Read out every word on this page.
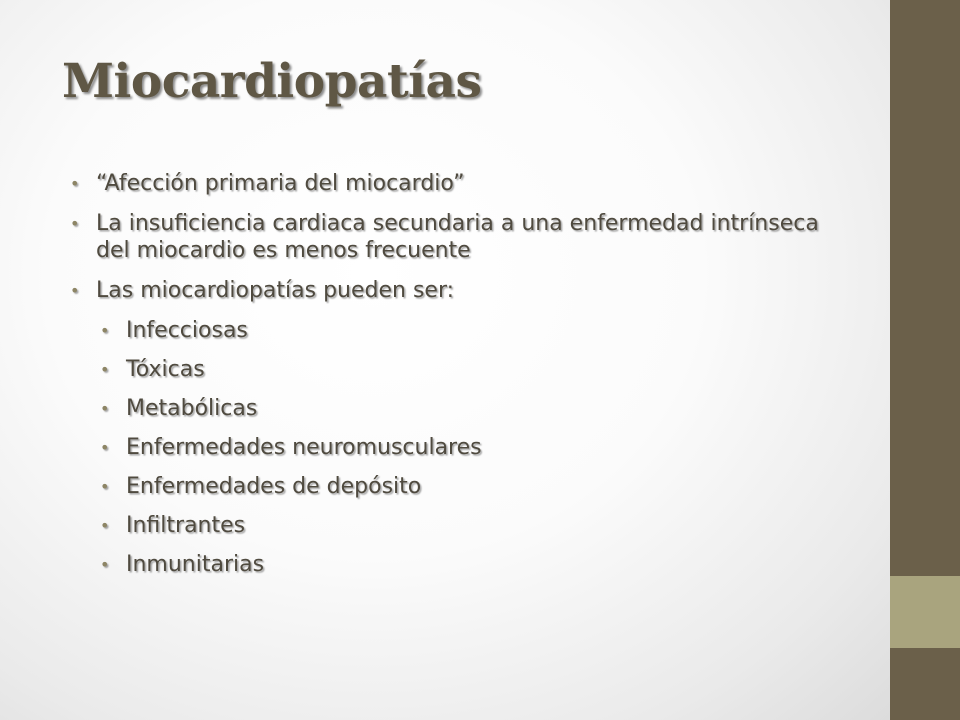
Miocardiopatías
• “Afección primaria del miocardio”
• La insuficiencia cardiaca secundaria a una enfermedad intrínseca del miocardio es menos frecuente
• Las miocardiopatías pueden ser:
• Infecciosas
• Tóxicas
• Metabólicas
• Enfermedades neuromusculares
• Enfermedades de depósito
• Infiltrantes
• Inmunitarias
